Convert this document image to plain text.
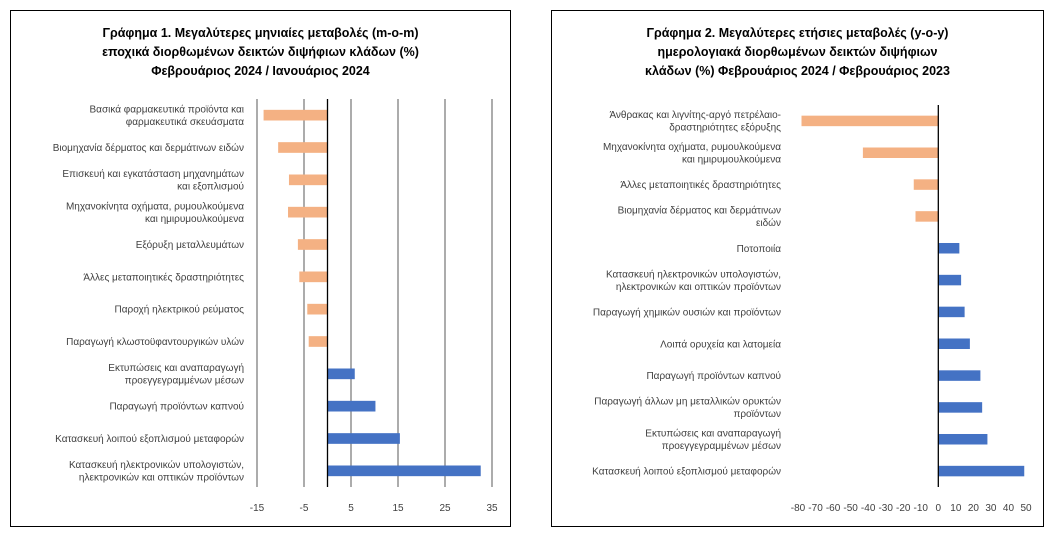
Γράφημα 1. Μεγαλύτερες μηνιαίες μεταβολές (m-o-m)
εποχικά διορθωμένων δεικτών διψήφιων κλάδων (%)
Φεβρουάριος 2024 / Ιανουάριος 2024
Βασικά φαρμακευτικά προϊόντα και
φαρμακευτικά σκευάσματα
Βιομηχανία δέρματος και δερμάτινων ειδών
Επισκευή και εγκατάσταση μηχανημάτων
και εξοπλισμού
Μηχανοκίνητα οχήματα, ρυμουλκούμενα
και ημιρυμουλκούμενα
Εξόρυξη μεταλλευμάτων
Άλλες μεταποιητικές δραστηριότητες
Παροχή ηλεκτρικού ρεύματος
Παραγωγή κλωστοϋφαντουργικών υλών
Εκτυπώσεις και αναπαραγωγή
προεγγεγραμμένων μέσων
Παραγωγή προϊόντων καπνού
Κατασκευή λοιπού εξοπλισμού μεταφορών
Κατασκευή ηλεκτρονικών υπολογιστών,
ηλεκτρονικών και οπτικών προϊόντων
-15	-5	5	15	25	35
Γράφημα 2. Μεγαλύτερες ετήσιες μεταβολές (y-o-y)
ημερολογιακά διορθωμένων δεικτών διψήφιων
κλάδων (%) Φεβρουάριος 2024 / Φεβρουάριος 2023
Άνθρακας και λιγνίτης-αργό πετρέλαιο-
δραστηριότητες εξόρυξης
Μηχανοκίνητα οχήματα, ρυμουλκούμενα
και ημιρυμουλκούμενα
Άλλες μεταποιητικές δραστηριότητες
Βιομηχανία δέρματος και δερμάτινων
ειδών
Ποτοποιία
Κατασκευή ηλεκτρονικών υπολογιστών,
ηλεκτρονικών και οπτικών προϊόντων
Παραγωγή χημικών ουσιών και προϊόντων
Λοιπά ορυχεία και λατομεία
Παραγωγή προϊόντων καπνού
Παραγωγή άλλων μη μεταλλικών ορυκτών
προϊόντων
Εκτυπώσεις και αναπαραγωγή
προεγγεγραμμένων μέσων
Κατασκευή λοιπού εξοπλισμού μεταφορών
-80 -70 -60 -50 -40 -30 -20 -10 0 10 20 30 40 50
